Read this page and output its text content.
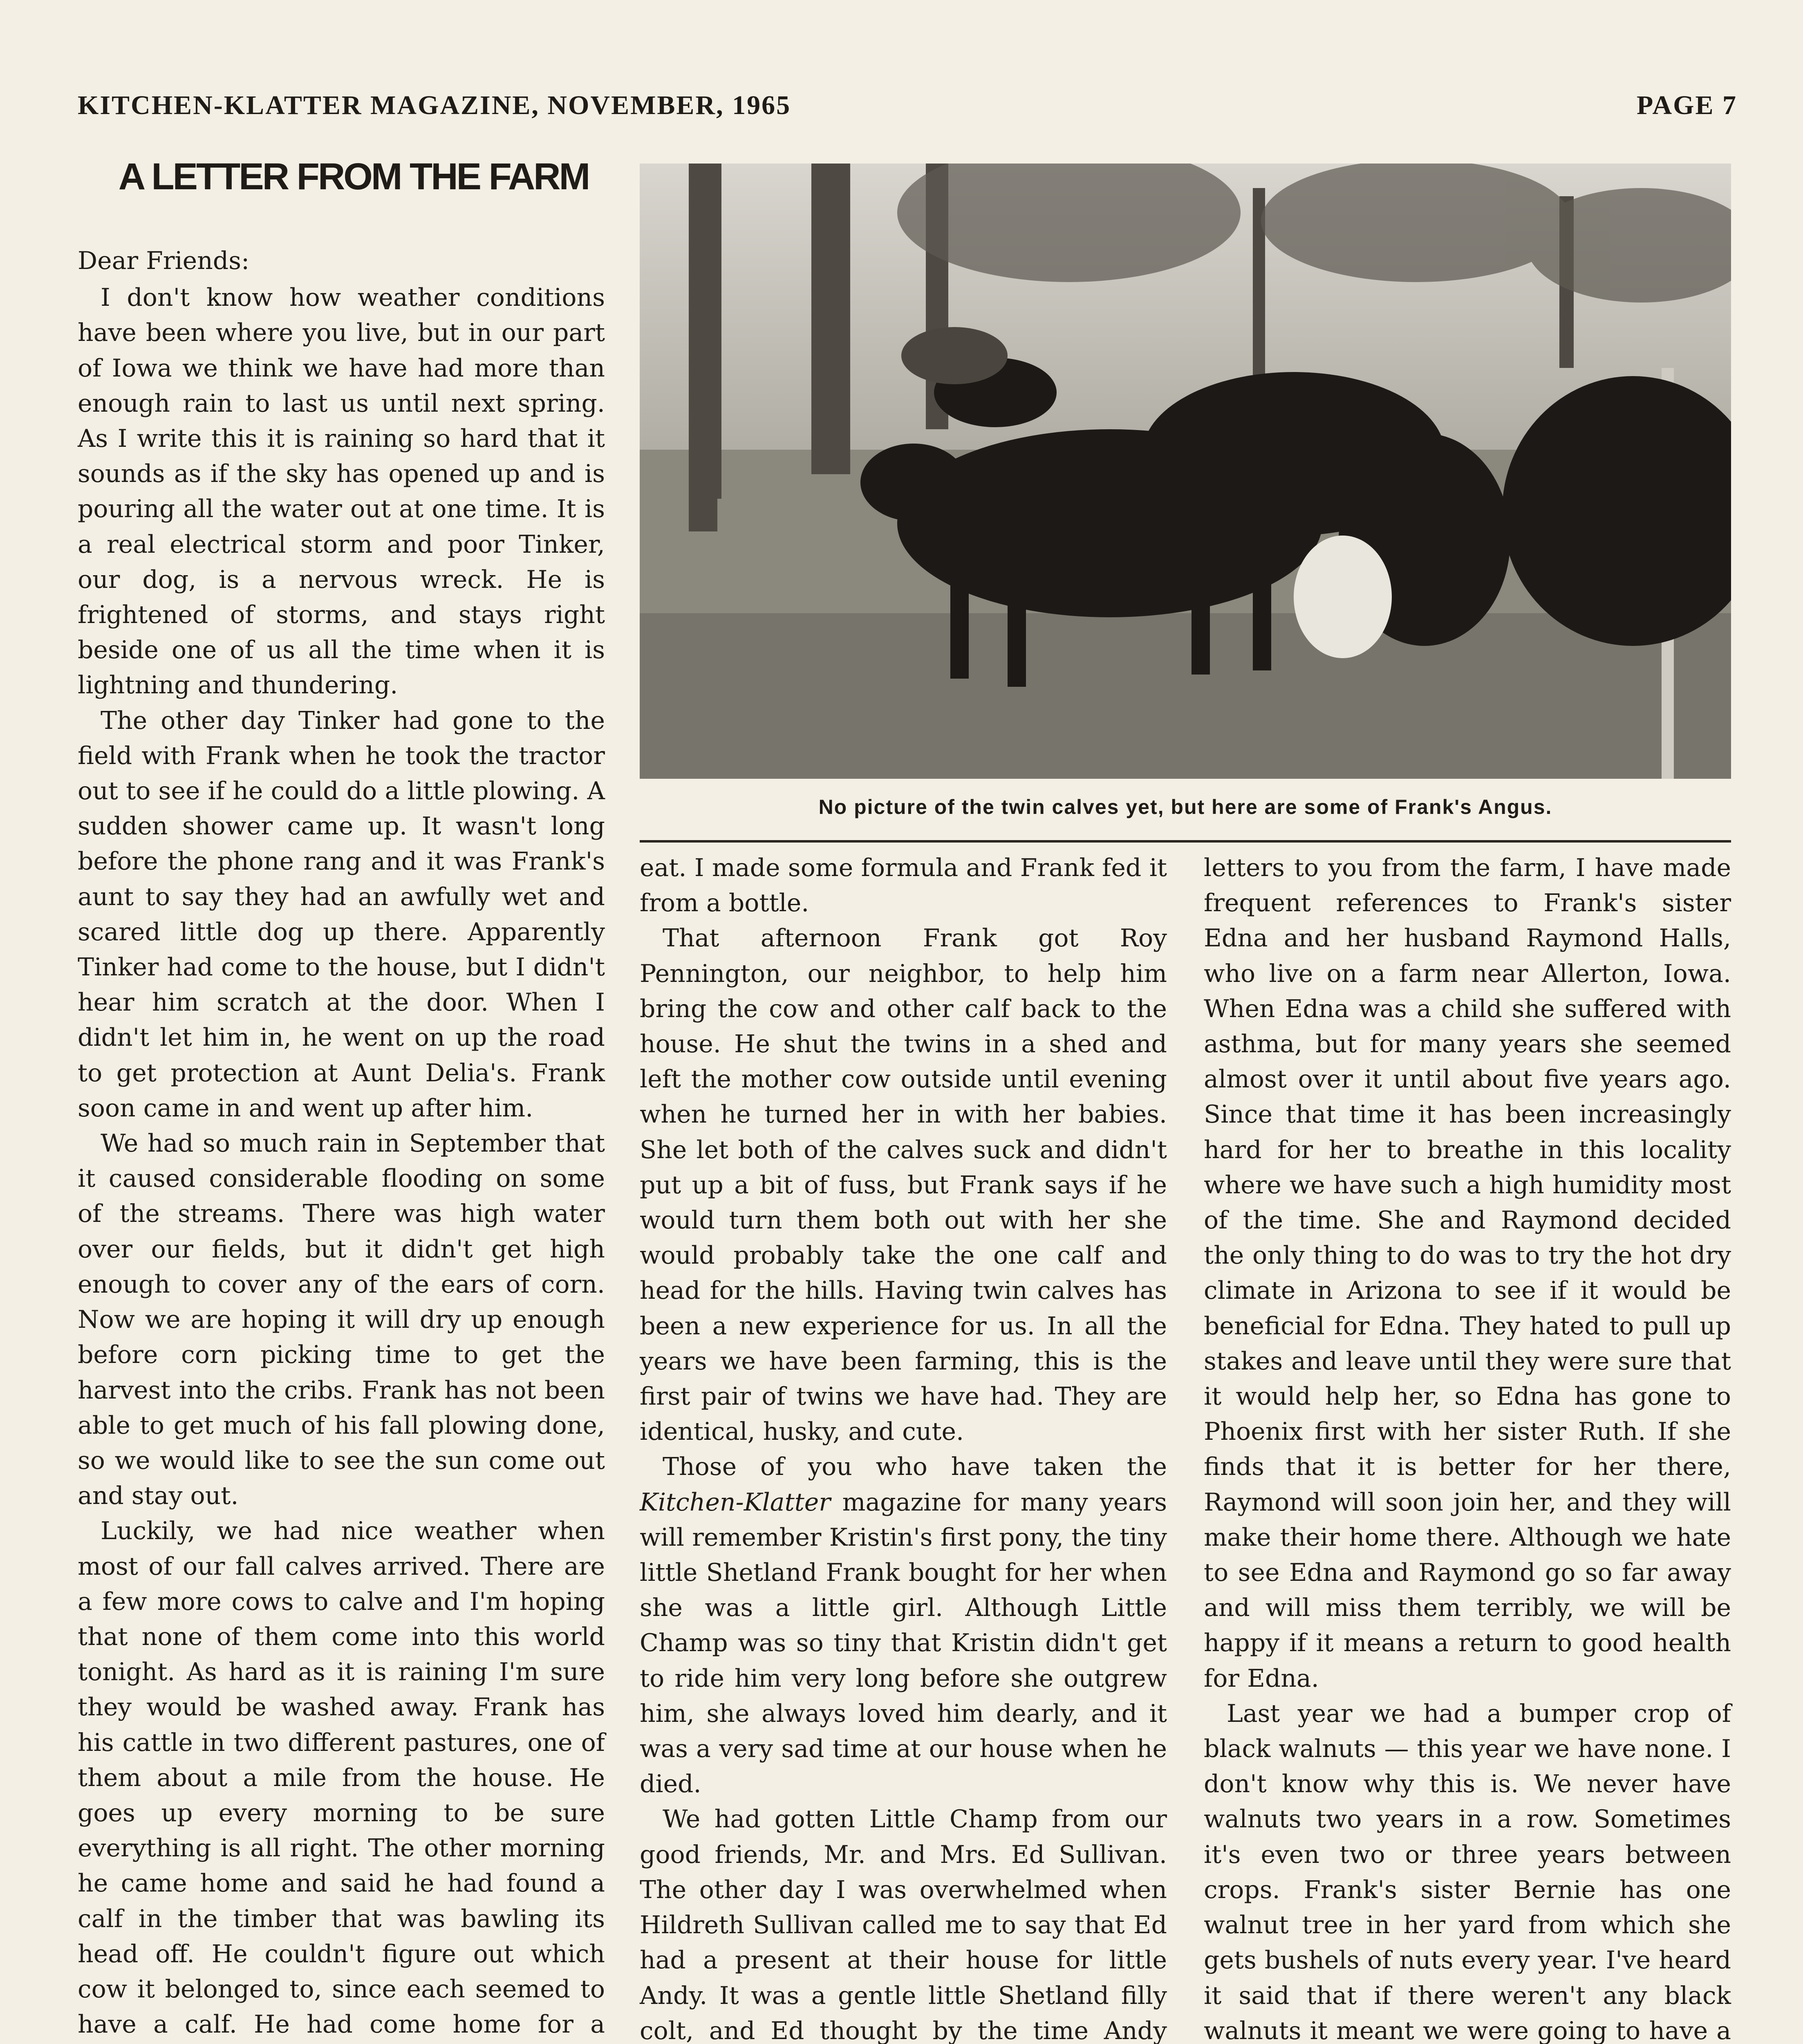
KITCHEN-KLATTER MAGAZINE, NOVEMBER, 1965	PAGE 7
A LETTER FROM THE FARM

Dear Friends:

I don't know how weather conditions have been where you live, but in our part of Iowa we think we have had more than enough rain to last us until next spring. As I write this it is raining so hard that it sounds as if the sky has opened up and is pouring all the water out at one time. It is a real electrical storm and poor Tinker, our dog, is a nervous wreck. He is frightened of storms, and stays right beside one of us all the time when it is lightning and thundering.

The other day Tinker had gone to the field with Frank when he took the tractor out to see if he could do a little plowing. A sudden shower came up. It wasn't long before the phone rang and it was Frank's aunt to say they had an awfully wet and scared little dog up there. Apparently Tinker had come to the house, but I didn't hear him scratch at the door. When I didn't let him in, he went on up the road to get protection at Aunt Delia's. Frank soon came in and went up after him.

We had so much rain in September that it caused considerable flooding on some of the streams. There was high water over our fields, but it didn't get high enough to cover any of the ears of corn. Now we are hoping it will dry up enough before corn picking time to get the harvest into the cribs. Frank has not been able to get much of his fall plowing done, so we would like to see the sun come out and stay out.

Luckily, we had nice weather when most of our fall calves arrived. There are a few more cows to calve and I'm hoping that none of them come into this world tonight. As hard as it is raining I'm sure they would be washed away. Frank has his cattle in two different pastures, one of them about a mile from the house. He goes up every morning to be sure everything is all right. The other morning he came home and said he had found a calf in the timber that was bawling its head off. He couldn't figure out which cow it belonged to, since each seemed to have a calf. He had come home for a

No picture of the twin calves yet, but here are some of Frank's Angus.

eat. I made some formula and Frank fed it from a bottle.

That afternoon Frank got Roy Pennington, our neighbor, to help him bring the cow and other calf back to the house. He shut the twins in a shed and left the mother cow outside until evening when he turned her in with her babies. She let both of the calves suck and didn't put up a bit of fuss, but Frank says if he would turn them both out with her she would probably take the one calf and head for the hills. Having twin calves has been a new experience for us. In all the years we have been farming, this is the first pair of twins we have had. They are identical, husky, and cute.

Those of you who have taken the Kitchen-Klatter magazine for many years will remember Kristin's first pony, the tiny little Shetland Frank bought for her when she was a little girl. Although Little Champ was so tiny that Kristin didn't get to ride him very long before she outgrew him, she always loved him dearly, and it was a very sad time at our house when he died.

We had gotten Little Champ from our good friends, Mr. and Mrs. Ed Sullivan. The other day I was overwhelmed when Hildreth Sullivan called me to say that Ed had a present at their house for little Andy. It was a gentle little Shetland filly colt, and Ed thought by the time Andy

letters to you from the farm, I have made frequent references to Frank's sister Edna and her husband Raymond Halls, who live on a farm near Allerton, Iowa. When Edna was a child she suffered with asthma, but for many years she seemed almost over it until about five years ago. Since that time it has been increasingly hard for her to breathe in this locality where we have such a high humidity most of the time. She and Raymond decided the only thing to do was to try the hot dry climate in Arizona to see if it would be beneficial for Edna. They hated to pull up stakes and leave until they were sure that it would help her, so Edna has gone to Phoenix first with her sister Ruth. If she finds that it is better for her there, Raymond will soon join her, and they will make their home there. Although we hate to see Edna and Raymond go so far away and will miss them terribly, we will be happy if it means a return to good health for Edna.

Last year we had a bumper crop of black walnuts — this year we have none. I don't know why this is. We never have walnuts two years in a row. Sometimes it's even two or three years between crops. Frank's sister Bernie has one walnut tree in her yard from which she gets bushels of nuts every year. I've heard it said that if there weren't any black walnuts it meant we were going to have a
